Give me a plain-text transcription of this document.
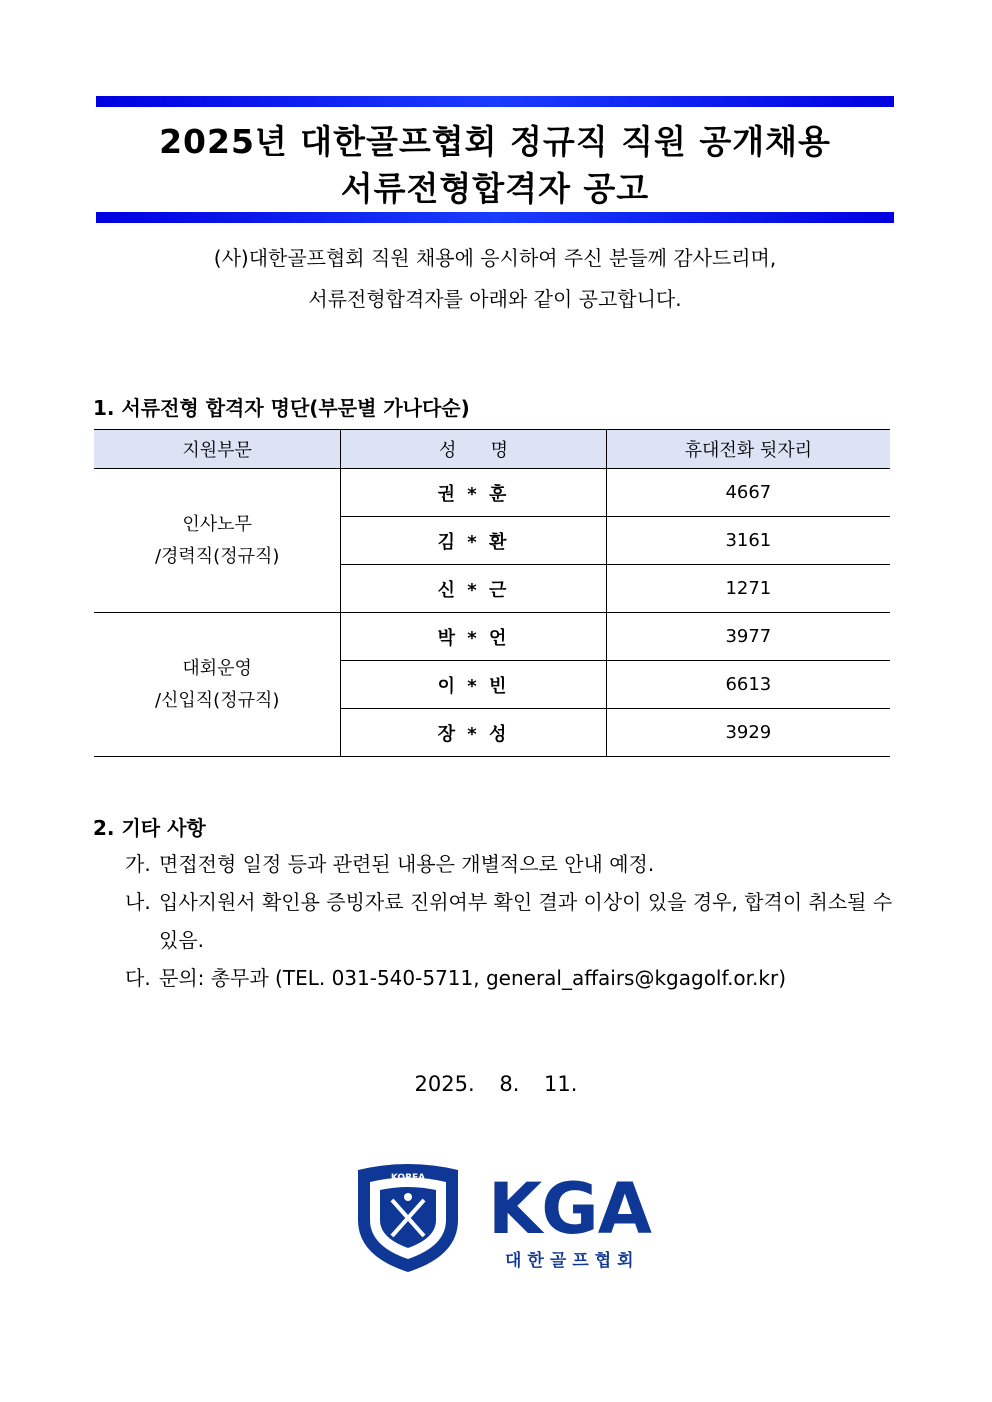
2025년 대한골프협회 정규직 직원 공개채용
서류전형합격자 공고
(사)대한골프협회 직원 채용에 응시하여 주신 분들께 감사드리며,
서류전형합격자를 아래와 같이 공고합니다.
1. 서류전형 합격자 명단(부문별 가나다순)
지원부문	성      명	휴대전화 뒷자리

인사노무
/경력직(정규직)	권 * 훈	4667
	김 * 환	3161
	신 * 근	1271

대회운영
/신입직(정규직)	박 * 언	3977
	이 * 빈	6613
	장 * 성	3929
2. 기타 사항
가. 면접전형 일정 등과 관련된 내용은 개별적으로 안내 예정.
나. 입사지원서 확인용 증빙자료 진위여부 확인 결과 이상이 있을 경우, 합격이 취소될 수 있음.
다. 문의: 총무과 (TEL. 031-540-5711, general_affairs@kgagolf.or.kr)
2025. 8. 11.
KOREA KGA
대한골프협회
